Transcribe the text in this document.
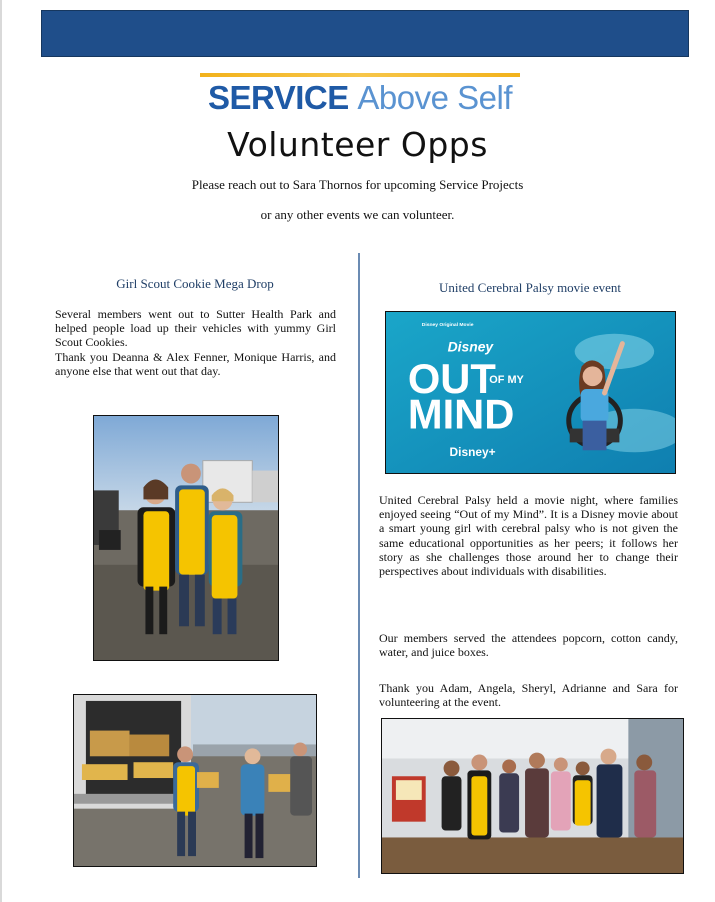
SERVICE Above Self
Volunteer Opps
Please reach out to Sara Thornos for upcoming Service Projects
or any other events we can volunteer.
Girl Scout Cookie Mega Drop
Several members went out to Sutter Health Park and helped people load up their vehicles with yummy Girl Scout Cookies.
Thank you Deanna & Alex Fenner, Monique Harris, and anyone else that went out that day.
United Cerebral Palsy movie event
Disney Original Movie
Disney
OUT
OF MY
MIND
Disney+
United Cerebral Palsy held a movie night, where families enjoyed seeing “Out of my Mind”. It is a Disney movie about a smart young girl with cerebral palsy who is not given the same educational opportunities as her peers; it follows her story as she challenges those around her to change their perspectives about individuals with disabilities.
Our members served the attendees popcorn, cotton candy, water, and juice boxes.
Thank you Adam, Angela, Sheryl, Adrianne and Sara for volunteering at the event.
